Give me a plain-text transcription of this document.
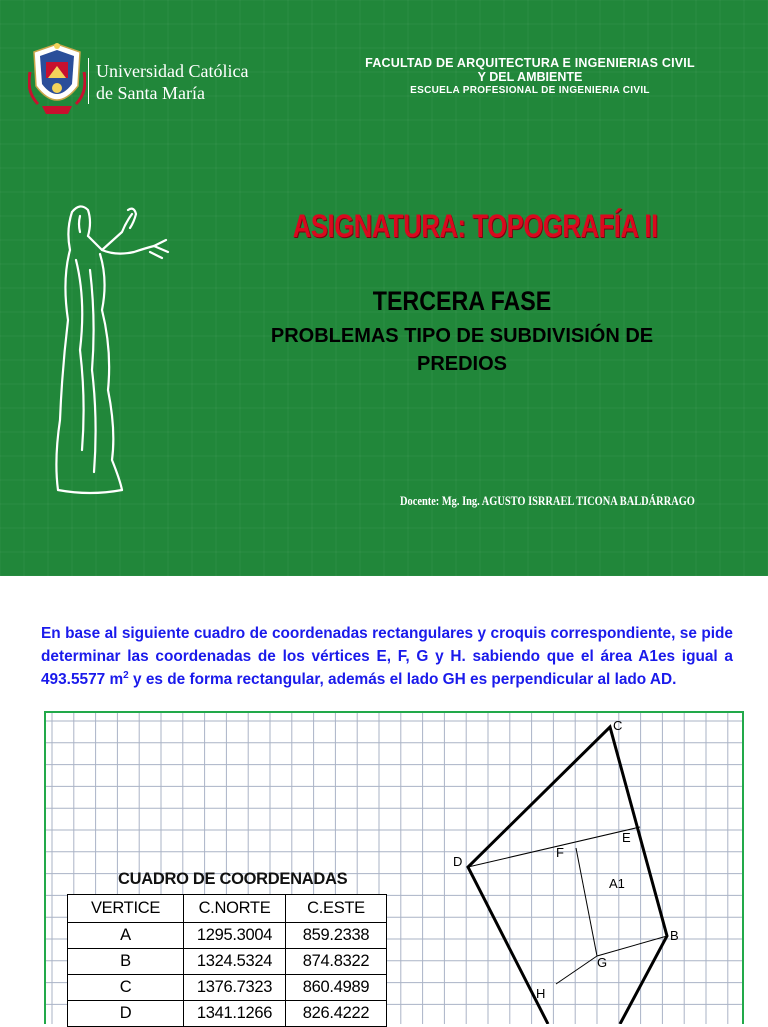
Universidad Católica
de Santa María
FACULTAD DE ARQUITECTURA E INGENIERIAS CIVIL
Y DEL AMBIENTE
ESCUELA PROFESIONAL DE INGENIERIA CIVIL
ASIGNATURA: TOPOGRAFÍA II
TERCERA FASE
PROBLEMAS TIPO DE SUBDIVISIÓN DE PREDIOS
Docente: Mg. Ing. AGUSTO ISRRAEL TICONA BALDÁRRAGO
En base al siguiente cuadro de coordenadas rectangulares y croquis correspondiente, se pide determinar las coordenadas de los vértices E, F, G y H. sabiendo que el área A1es igual a 493.5577 $m^2$ y es de forma rectangular, además el lado GH es perpendicular al lado AD.
CUADRO DE COORDENADAS
VERTICE	C.NORTE	C.ESTE
A	1295.3004	859.2338
B	1324.5324	874.8322
C	1376.7323	860.4989
D	1341.1266	826.4222
C
E
F
D
A1
B
G
H
